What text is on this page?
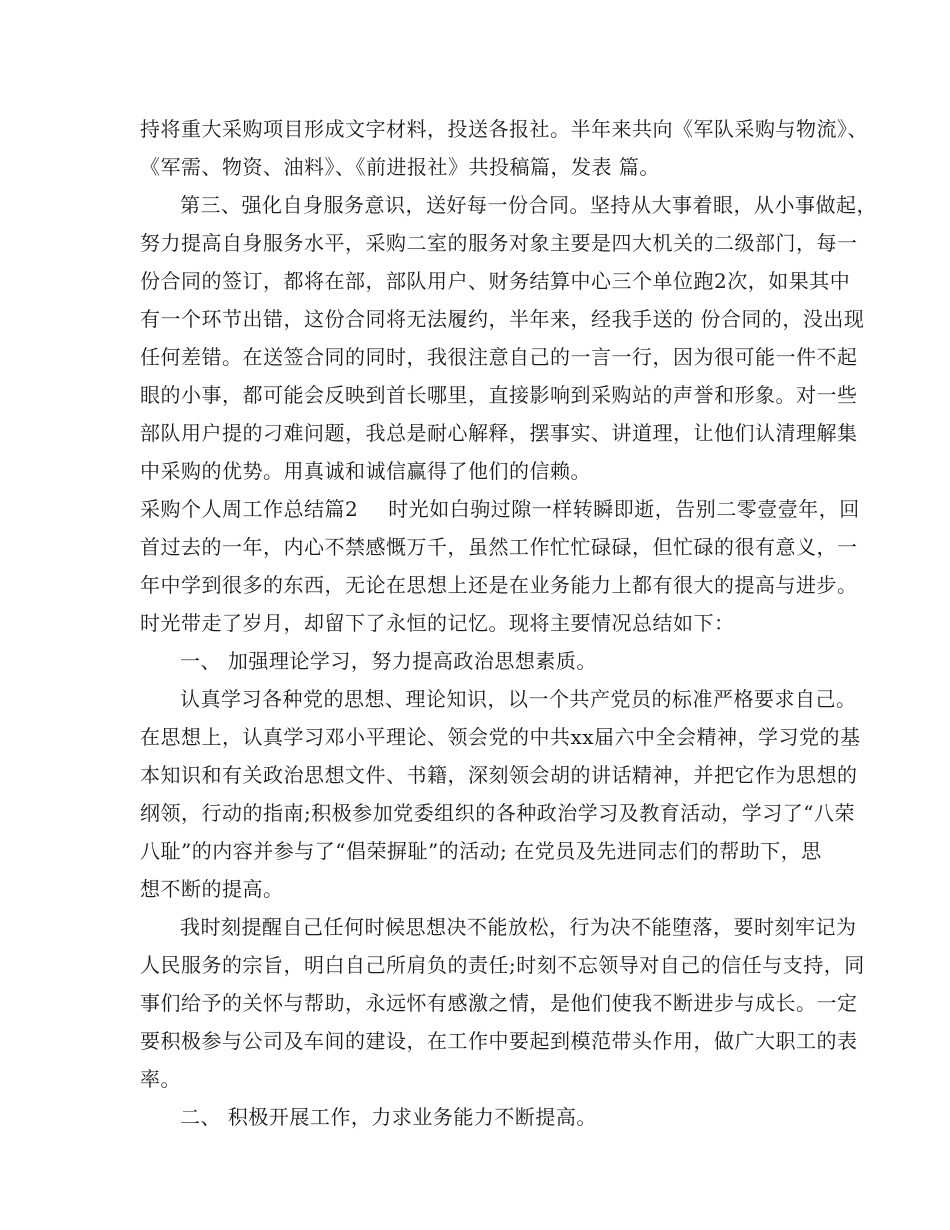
持将重大采购项目形成文字材料，投送各报社。半年来共向《军队采购与物流》、
《军需、物资、油料》、《前进报社》共投稿篇，发表 篇。
第三、强化自身服务意识，送好每一份合同。坚持从大事着眼，从小事做起，
努力提高自身服务水平，采购二室的服务对象主要是四大机关的二级部门，每一
份合同的签订，都将在部，部队用户、财务结算中心三个单位跑2次，如果其中
有一个环节出错，这份合同将无法履约，半年来，经我手送的 份合同的，没出现
任何差错。在送签合同的同时，我很注意自己的一言一行，因为很可能一件不起
眼的小事，都可能会反映到首长哪里，直接影响到采购站的声誉和形象。对一些
部队用户提的刁难问题，我总是耐心解释，摆事实、讲道理，让他们认清理解集
中采购的优势。用真诚和诚信赢得了他们的信赖。
采购个人周工作总结篇2 时光如白驹过隙一样转瞬即逝，告别二零壹壹年，回
首过去的一年，内心不禁感慨万千，虽然工作忙忙碌碌，但忙碌的很有意义，一
年中学到很多的东西，无论在思想上还是在业务能力上都有很大的提高与进步。
时光带走了岁月，却留下了永恒的记忆。现将主要情况总结如下：
一、 加强理论学习，努力提高政治思想素质。
认真学习各种党的思想、理论知识，以一个共产党员的标准严格要求自己。
在思想上，认真学习邓小平理论、领会党的中共xx届六中全会精神，学习党的基
本知识和有关政治思想文件、书籍，深刻领会胡的讲话精神，并把它作为思想的
纲领，行动的指南;积极参加党委组织的各种政治学习及教育活动，学习了“八荣
八耻”的内容并参与了“倡荣摒耻”的活动; 在党员及先进同志们的帮助下，思
想不断的提高。
我时刻提醒自己任何时候思想决不能放松，行为决不能堕落，要时刻牢记为
人民服务的宗旨，明白自己所肩负的责任;时刻不忘领导对自己的信任与支持，同
事们给予的关怀与帮助，永远怀有感激之情，是他们使我不断进步与成长。一定
要积极参与公司及车间的建设，在工作中要起到模范带头作用，做广大职工的表
率。
二、 积极开展工作，力求业务能力不断提高。
